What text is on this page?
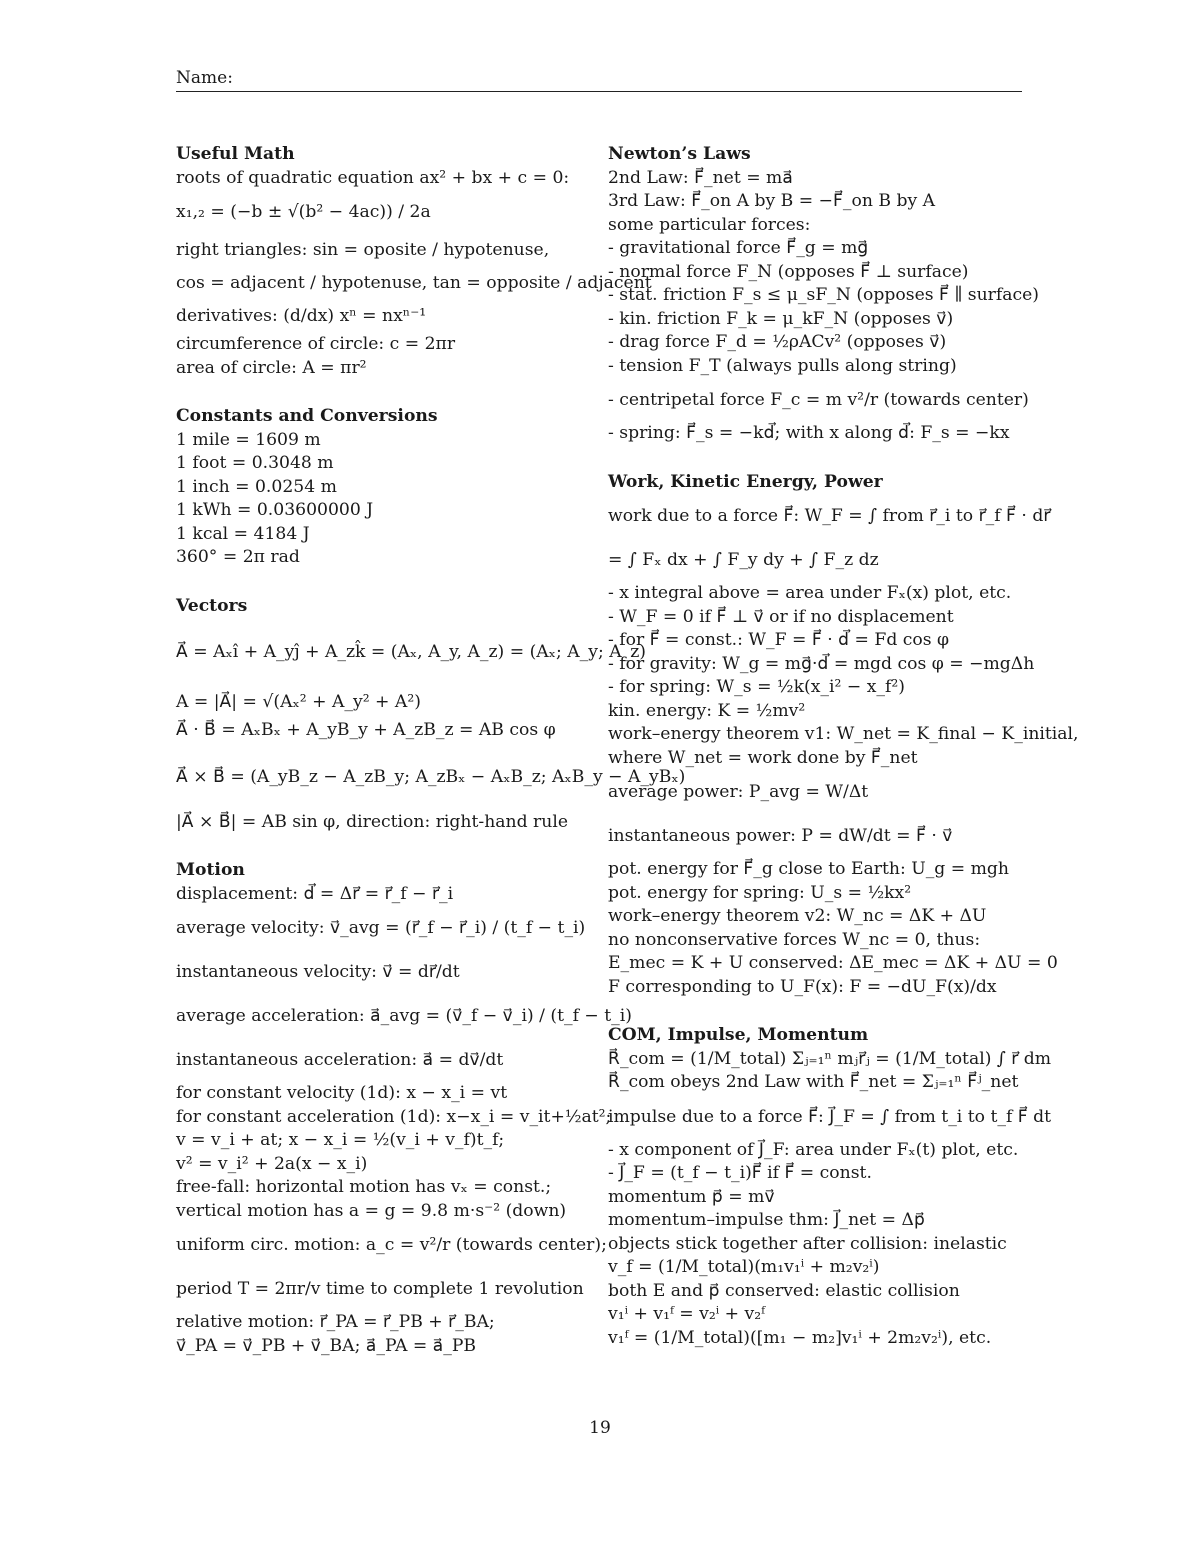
Name:
Useful Math
roots of quadratic equation ax² + bx + c = 0:
x₁,₂ = (−b ± √(b² − 4ac)) / 2a
right triangles: sin = oposite / hypotenuse,
cos = adjacent / hypotenuse, tan = opposite / adjacent
derivatives: (d/dx) xⁿ = nxⁿ⁻¹
circumference of circle: c = 2πr
area of circle: A = πr²
Constants and Conversions
1 mile = 1609 m
1 foot = 0.3048 m
1 inch = 0.0254 m
1 kWh = 0.03600000 J
1 kcal = 4184 J
360° = 2π rad
Vectors
A⃗ = Aₓî + A_yĵ + A_zk̂ = (Aₓ, A_y, A_z) = (Aₓ; A_y; A_z)
A = |A⃗| = √(Aₓ² + A_y² + A²)
A⃗ · B⃗ = AₓBₓ + A_yB_y + A_zB_z = AB cos φ
A⃗ × B⃗ = (A_yB_z − A_zB_y; A_zBₓ − AₓB_z; AₓB_y − A_yBₓ)
|A⃗ × B⃗| = AB sin φ, direction: right-hand rule
Motion
displacement: d⃗ = Δr⃗ = r⃗_f − r⃗_i
average velocity: v⃗_avg = (r⃗_f − r⃗_i) / (t_f − t_i)
instantaneous velocity: v⃗ = dr⃗/dt
average acceleration: a⃗_avg = (v⃗_f − v⃗_i) / (t_f − t_i)
instantaneous acceleration: a⃗ = dv⃗/dt
for constant velocity (1d): x − x_i = vt
for constant acceleration (1d): x−x_i = v_it+½at²;
v = v_i + at; x − x_i = ½(v_i + v_f)t_f;
v² = v_i² + 2a(x − x_i)
free-fall: horizontal motion has vₓ = const.;
vertical motion has a = g = 9.8 m·s⁻² (down)
uniform circ. motion: a_c = v²/r (towards center);
period T = 2πr/v time to complete 1 revolution
relative motion: r⃗_PA = r⃗_PB + r⃗_BA;
v⃗_PA = v⃗_PB + v⃗_BA; a⃗_PA = a⃗_PB
Newton’s Laws
2nd Law: F⃗_net = ma⃗
3rd Law: F⃗_on A by B = −F⃗_on B by A
some particular forces:
- gravitational force F⃗_g = mg⃗
- normal force F_N (opposes F⃗ ⊥ surface)
- stat. friction F_s ≤ μ_sF_N (opposes F⃗ ∥ surface)
- kin. friction F_k = μ_kF_N (opposes v⃗)
- drag force F_d = ½ρACv² (opposes v⃗)
- tension F_T (always pulls along string)
- centripetal force F_c = m v²/r (towards center)
- spring: F⃗_s = −kd⃗; with x along d⃗: F_s = −kx
Work, Kinetic Energy, Power
work due to a force F⃗: W_F = ∫ from r⃗_i to r⃗_f F⃗ · dr⃗
= ∫ Fₓ dx + ∫ F_y dy + ∫ F_z dz
- x integral above = area under Fₓ(x) plot, etc.
- W_F = 0 if F⃗ ⊥ v⃗ or if no displacement
- for F⃗ = const.: W_F = F⃗ · d⃗ = Fd cos φ
- for gravity: W_g = mg⃗·d⃗ = mgd cos φ = −mgΔh
- for spring: W_s = ½k(x_i² − x_f²)
kin. energy: K = ½mv²
work–energy theorem v1: W_net = K_final − K_initial,
where W_net = work done by F⃗_net
average power: P_avg = W/Δt
instantaneous power: P = dW/dt = F⃗ · v⃗
pot. energy for F⃗_g close to Earth: U_g = mgh
pot. energy for spring: U_s = ½kx²
work–energy theorem v2: W_nc = ΔK + ΔU
no nonconservative forces W_nc = 0, thus:
E_mec = K + U conserved: ΔE_mec = ΔK + ΔU = 0
F corresponding to U_F(x): F = −dU_F(x)/dx
COM, Impulse, Momentum
R⃗_com = (1/M_total) Σⱼ₌₁ⁿ mⱼr⃗ⱼ = (1/M_total) ∫ r⃗ dm
R⃗_com obeys 2nd Law with F⃗_net = Σⱼ₌₁ⁿ F⃗ʲ_net
impulse due to a force F⃗: J⃗_F = ∫ from t_i to t_f F⃗ dt
- x component of J⃗_F: area under Fₓ(t) plot, etc.
- J⃗_F = (t_f − t_i)F⃗ if F⃗ = const.
momentum p⃗ = mv⃗
momentum–impulse thm: J⃗_net = Δp⃗
objects stick together after collision: inelastic
v_f = (1/M_total)(m₁v₁ⁱ + m₂v₂ⁱ)
both E and p⃗ conserved: elastic collision
v₁ⁱ + v₁ᶠ = v₂ⁱ + v₂ᶠ
v₁ᶠ = (1/M_total)([m₁ − m₂]v₁ⁱ + 2m₂v₂ⁱ), etc.
19
